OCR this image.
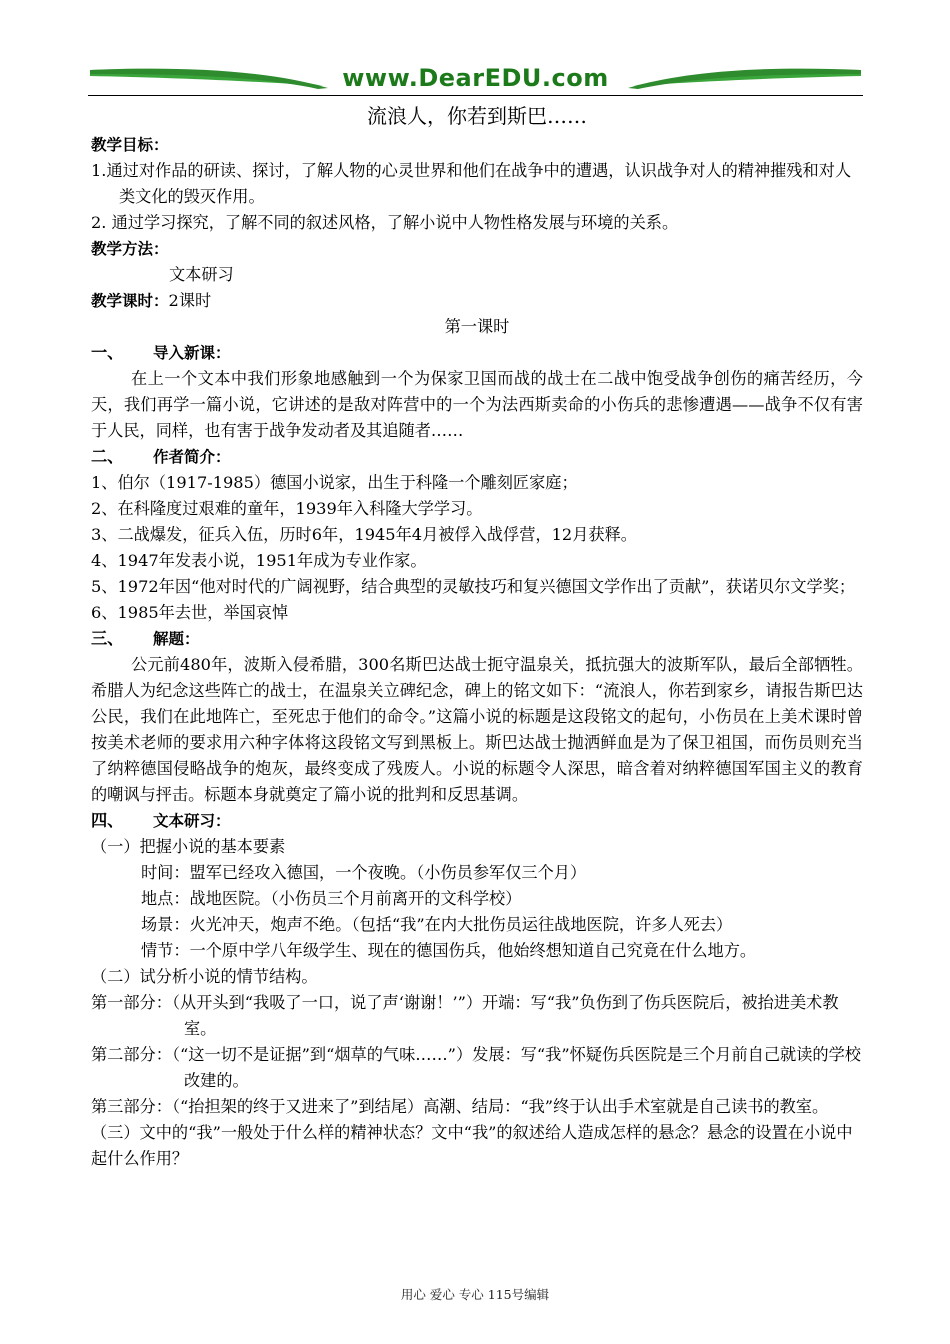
www.DearEDU.com
流浪人，你若到斯巴……
教学目标：
1.通过对作品的研读、探讨，了解人物的心灵世界和他们在战争中的遭遇，认识战争对人的精神摧残和对人类文化的毁灭作用。
2. 通过学习探究，了解不同的叙述风格，了解小说中人物性格发展与环境的关系。
教学方法：
文本研习
教学课时：2课时
第一课时
一、 导入新课：
在上一个文本中我们形象地感触到一个为保家卫国而战的战士在二战中饱受战争创伤的痛苦经历，今天，我们再学一篇小说，它讲述的是敌对阵营中的一个为法西斯卖命的小伤兵的悲惨遭遇——战争不仅有害于人民，同样，也有害于战争发动者及其追随者……
二、 作者简介：
1、伯尔（1917-1985）德国小说家，出生于科隆一个雕刻匠家庭；
2、在科隆度过艰难的童年，1939年入科隆大学学习。
3、二战爆发，征兵入伍，历时6年，1945年4月被俘入战俘营，12月获释。
4、1947年发表小说，1951年成为专业作家。
5、1972年因“他对时代的广阔视野，结合典型的灵敏技巧和复兴德国文学作出了贡献”，获诺贝尔文学奖；
6、1985年去世，举国哀悼
三、 解题：
公元前480年，波斯入侵希腊，300名斯巴达战士扼守温泉关，抵抗强大的波斯军队，最后全部牺牲。希腊人为纪念这些阵亡的战士，在温泉关立碑纪念，碑上的铭文如下：“流浪人，你若到家乡，请报告斯巴达公民，我们在此地阵亡，至死忠于他们的命令。”这篇小说的标题是这段铭文的起句，小伤员在上美术课时曾按美术老师的要求用六种字体将这段铭文写到黑板上。斯巴达战士抛洒鲜血是为了保卫祖国，而伤员则充当了纳粹德国侵略战争的炮灰，最终变成了残废人。小说的标题令人深思，暗含着对纳粹德国军国主义的教育的嘲讽与抨击。标题本身就奠定了篇小说的批判和反思基调。
四、 文本研习：
（一）把握小说的基本要素
时间：盟军已经攻入德国，一个夜晚。（小伤员参军仅三个月）
地点：战地医院。（小伤员三个月前离开的文科学校）
场景：火光冲天，炮声不绝。（包括“我”在内大批伤员运往战地医院，许多人死去）
情节：一个原中学八年级学生、现在的德国伤兵，他始终想知道自己究竟在什么地方。
（二）试分析小说的情节结构。
第一部分：（从开头到“我吸了一口，说了声‘谢谢！’”）开端：写“我”负伤到了伤兵医院后，被抬进美术教室。
第二部分：（“这一切不是证据”到“烟草的气味……”）发展：写“我”怀疑伤兵医院是三个月前自己就读的学校改建的。
第三部分：（“抬担架的终于又进来了”到结尾）高潮、结局：“我”终于认出手术室就是自己读书的教室。
（三）文中的“我”一般处于什么样的精神状态？文中“我”的叙述给人造成怎样的悬念？悬念的设置在小说中起什么作用？
用心 爱心 专心 115号编辑
